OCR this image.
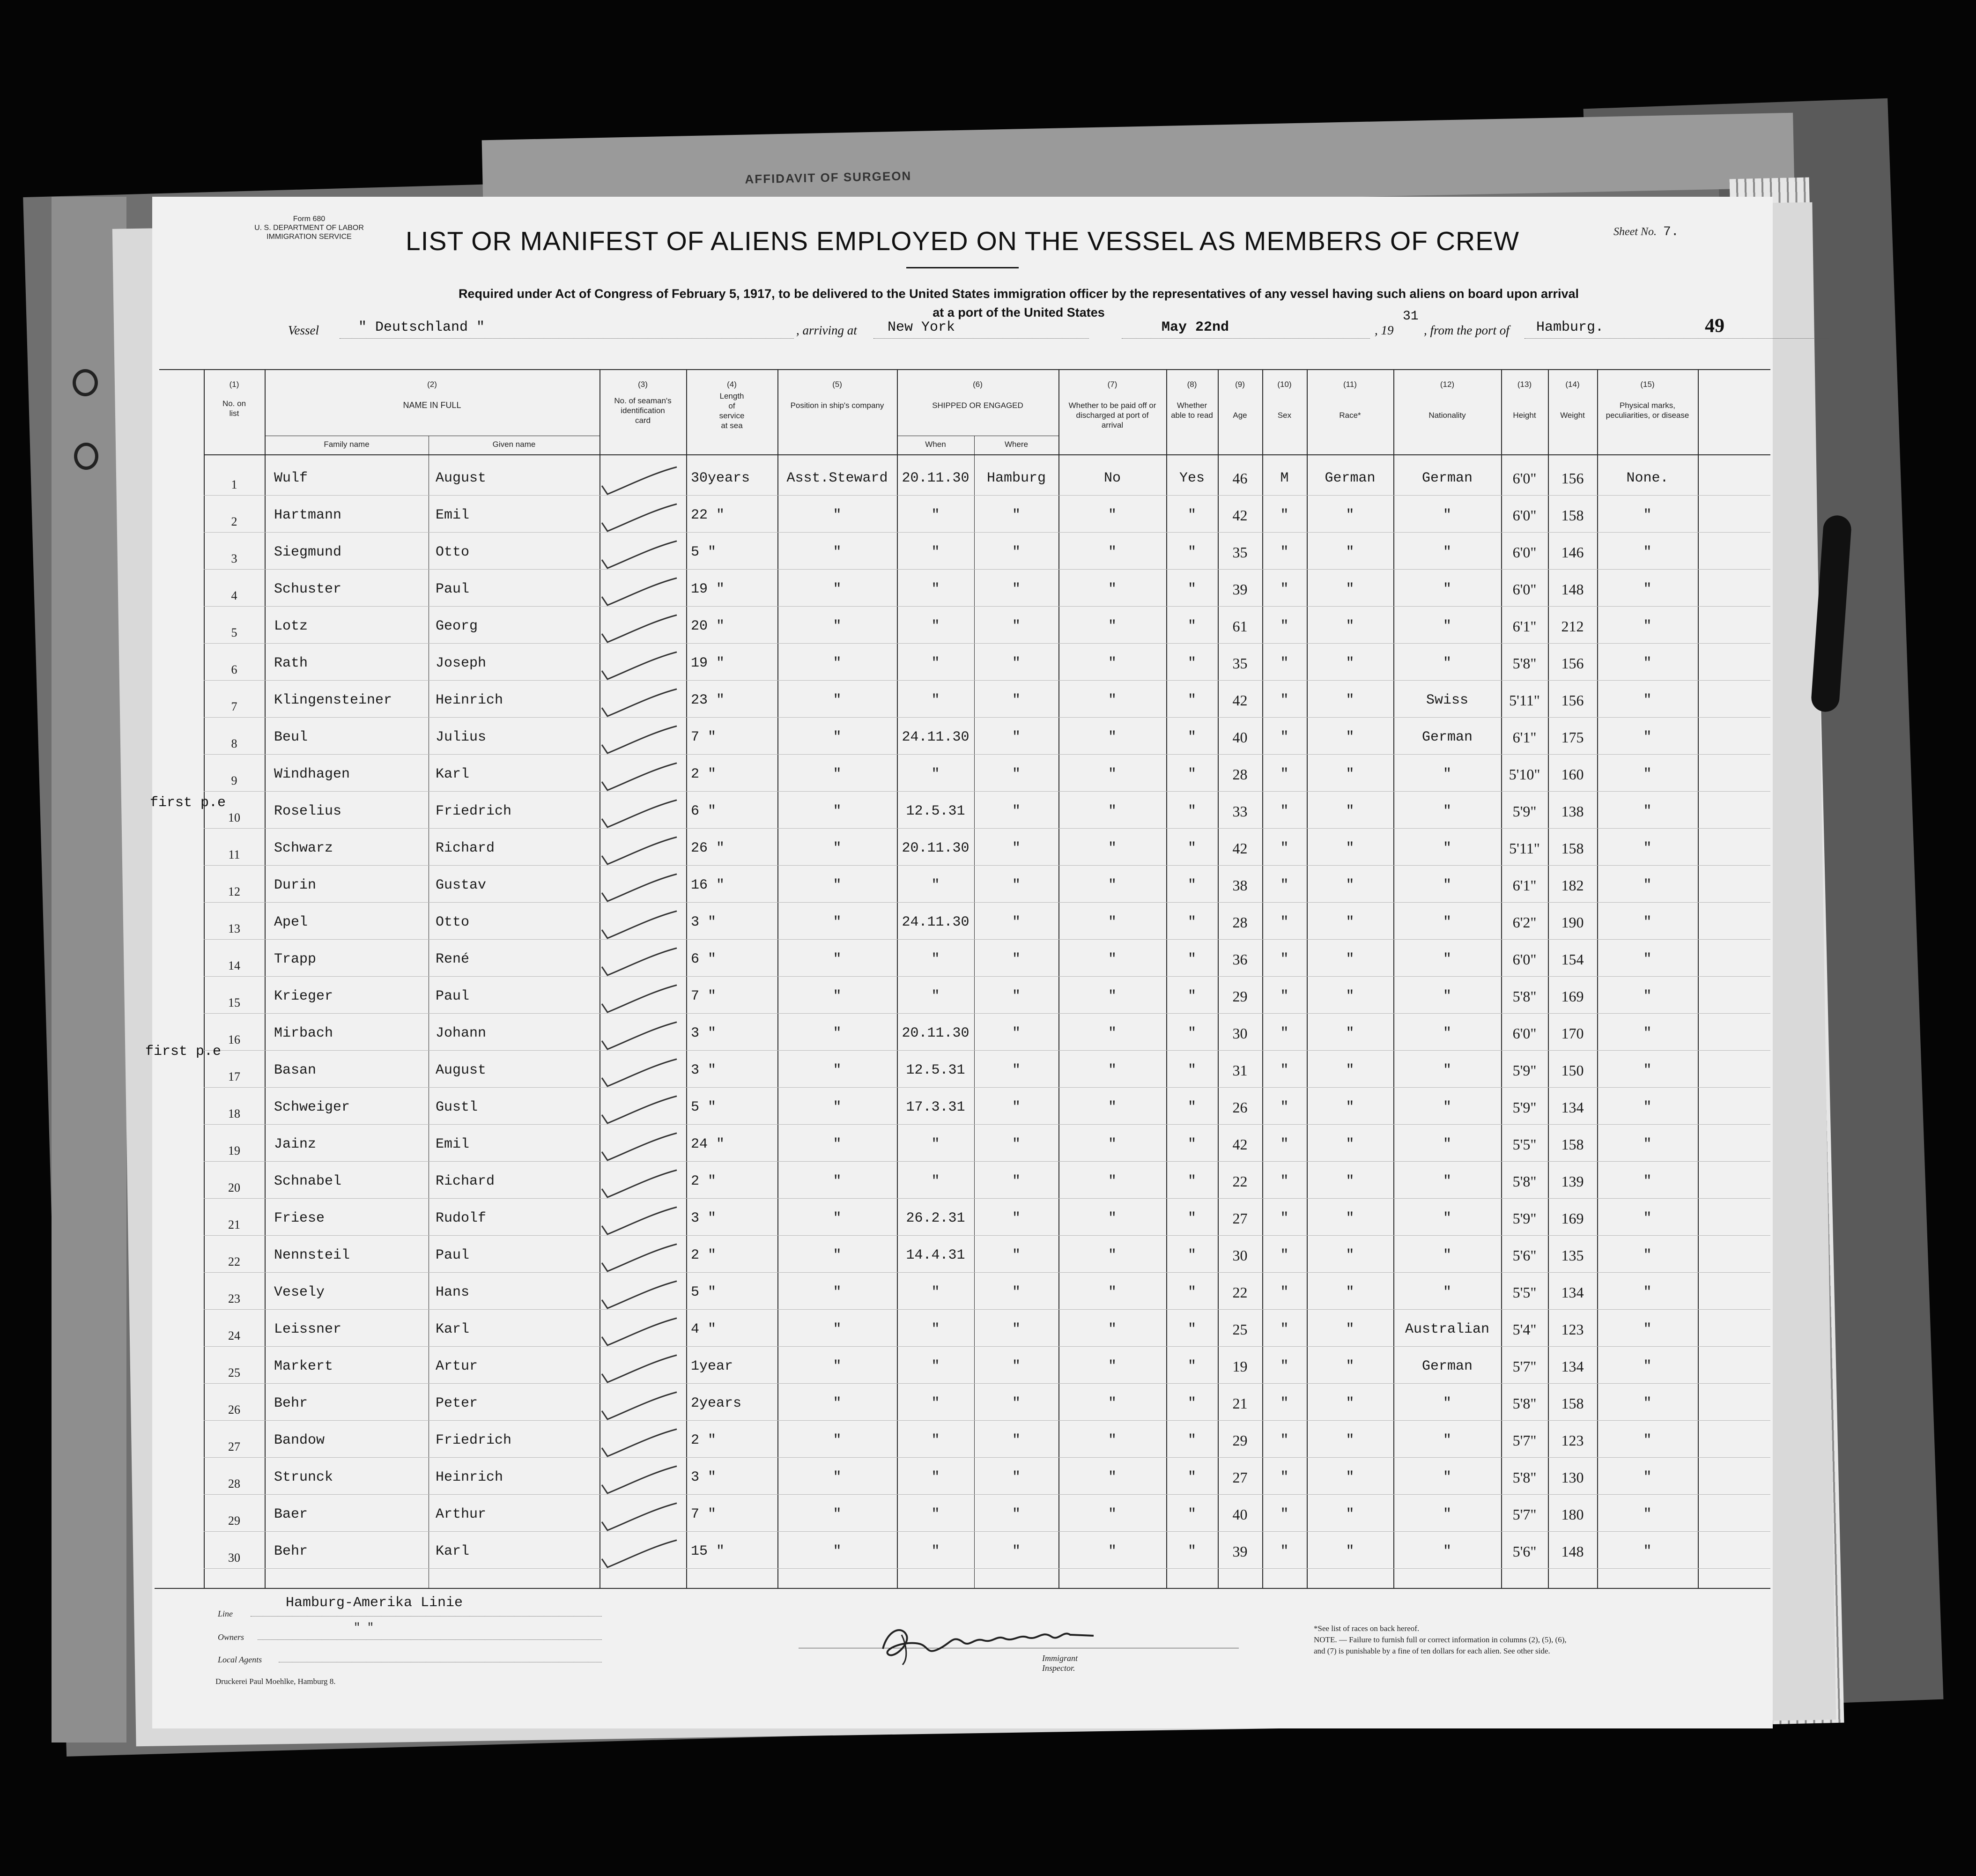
AFFIDAVIT OF SURGEON
Form 680
U. S. DEPARTMENT OF LABOR
IMMIGRATION SERVICE	LIST OR MANIFEST OF ALIENS EMPLOYED ON THE VESSEL AS MEMBERS OF CREW	Sheet No. 7.
Required under Act of Congress of February 5, 1917, to be delivered to the United States immigration officer by the representatives of any vessel having such aliens on board upon arrival
at a port of the United States
49
Vessel	" Deutschland "	, arriving at New York	May 22nd	, 19
31
, from the port of Hamburg.
(1)
No. on list
(2)
NAME IN FULL
Family name	Given name
(3)
No. of seaman's identification card
(4)
Length of service at sea
(5)
Position in ship's company
(6)
SHIPPED OR ENGAGED
When	Where
(7)
Whether to be paid off or discharged at port of arrival
(8)
Whether able to read
(9)
Age
(10)
Sex
(11)
Race*
(12)
Nationality
(13)
Height
(14)
Weight
(15)
Physical marks, peculiarities, or disease
1	Wulf	August	30years	Asst.Steward 20.11.30	Hamburg	No	Yes	46	M	German	German	6'0"	156	None.
2	Hartmann	Emil	22 "	"	"	"	"	"	42	"	"	"	6'0"	158	"
3	Siegmund	Otto	5 "	"	"	"	"	"	35	"	"	"	6'0"	146	"
4	Schuster	Paul	19 "	"	"	"	"	"	39	"	"	"	6'0"	148	"
5	Lotz	Georg	20 "	"	"	"	"	"	61	"	"	"	6'1"	212	"
6	Rath	Joseph	19 "	"	"	"	"	"	35	"	"	"	5'8"	156	"
7	Klingensteiner	Heinrich	23 "	"	"	"	"	"	42	"	"	Swiss	5'11"	156	"
8	Beul	Julius	7 "	"	24.11.30	"	"	"	40	"	"	German	6'1"	175	"
9	Windhagen	Karl	2 "	"	"	"	"	"	28	"	"	"	5'10"	160	"
10	Roselius	Friedrich	6 "	"	12.5.31	"	"	"	33	"	"	"	5'9"	138	"
11	Schwarz	Richard	26 "	"	20.11.30	"	"	"	42	"	"	"	5'11"	158	"
12	Durin	Gustav	16 "	"	"	"	"	"	38	"	"	"	6'1"	182	"
13	Apel	Otto	3 "	"	24.11.30	"	"	"	28	"	"	"	6'2"	190	"
14	Trapp	René	6 "	"	"	"	"	"	36	"	"	"	6'0"	154	"
15	Krieger	Paul	7 "	"	"	"	"	"	29	"	"	"	5'8"	169	"
16	Mirbach	Johann	3 "	"	20.11.30	"	"	"	30	"	"	"	6'0"	170	"
17	Basan	August	3 "	"	12.5.31	"	"	"	31	"	"	"	5'9"	150	"
18	Schweiger	Gustl	5 "	"	17.3.31	"	"	"	26	"	"	"	5'9"	134	"
19	Jainz	Emil	24 "	"	"	"	"	"	42	"	"	"	5'5"	158	"
20	Schnabel	Richard	2 "	"	"	"	"	"	22	"	"	"	5'8"	139	"
21	Friese	Rudolf	3 "	"	26.2.31	"	"	"	27	"	"	"	5'9"	169	"
22	Nennsteil	Paul	2 "	"	14.4.31	"	"	"	30	"	"	"	5'6"	135	"
23	Vesely	Hans	5 "	"	"	"	"	"	22	"	"	"	5'5"	134	"
24	Leissner	Karl	4 "	"	"	"	"	"	25	"	"	Australian	5'4"	123	"
25	Markert	Artur	1year	"	"	"	"	"	19	"	"	German	5'7"	134	"
26	Behr	Peter	2years	"	"	"	"	"	21	"	"	"	5'8"	158	"
27	Bandow	Friedrich	2 "	"	"	"	"	"	29	"	"	"	5'7"	123	"
28	Strunck	Heinrich	3 "	"	"	"	"	"	27	"	"	"	5'8"	130	"
29	Baer	Arthur	7 "	"	"	"	"	"	40	"	"	"	5'7"	180	"
30	Behr	Karl	15 "	"	"	"	"	"	39	"	"	"	5'6"	148	"
first p.e
first p.e
Line
Hamburg-Amerika Linie
Owners
" "
Local Agents	Immigrant Inspector.
*See list of races on back hereof.
NOTE. — Failure to furnish full or correct information in columns (2), (5), (6),
and (7) is punishable by a fine of ten dollars for each alien. See other side.
Druckerei Paul Moehlke, Hamburg 8.
